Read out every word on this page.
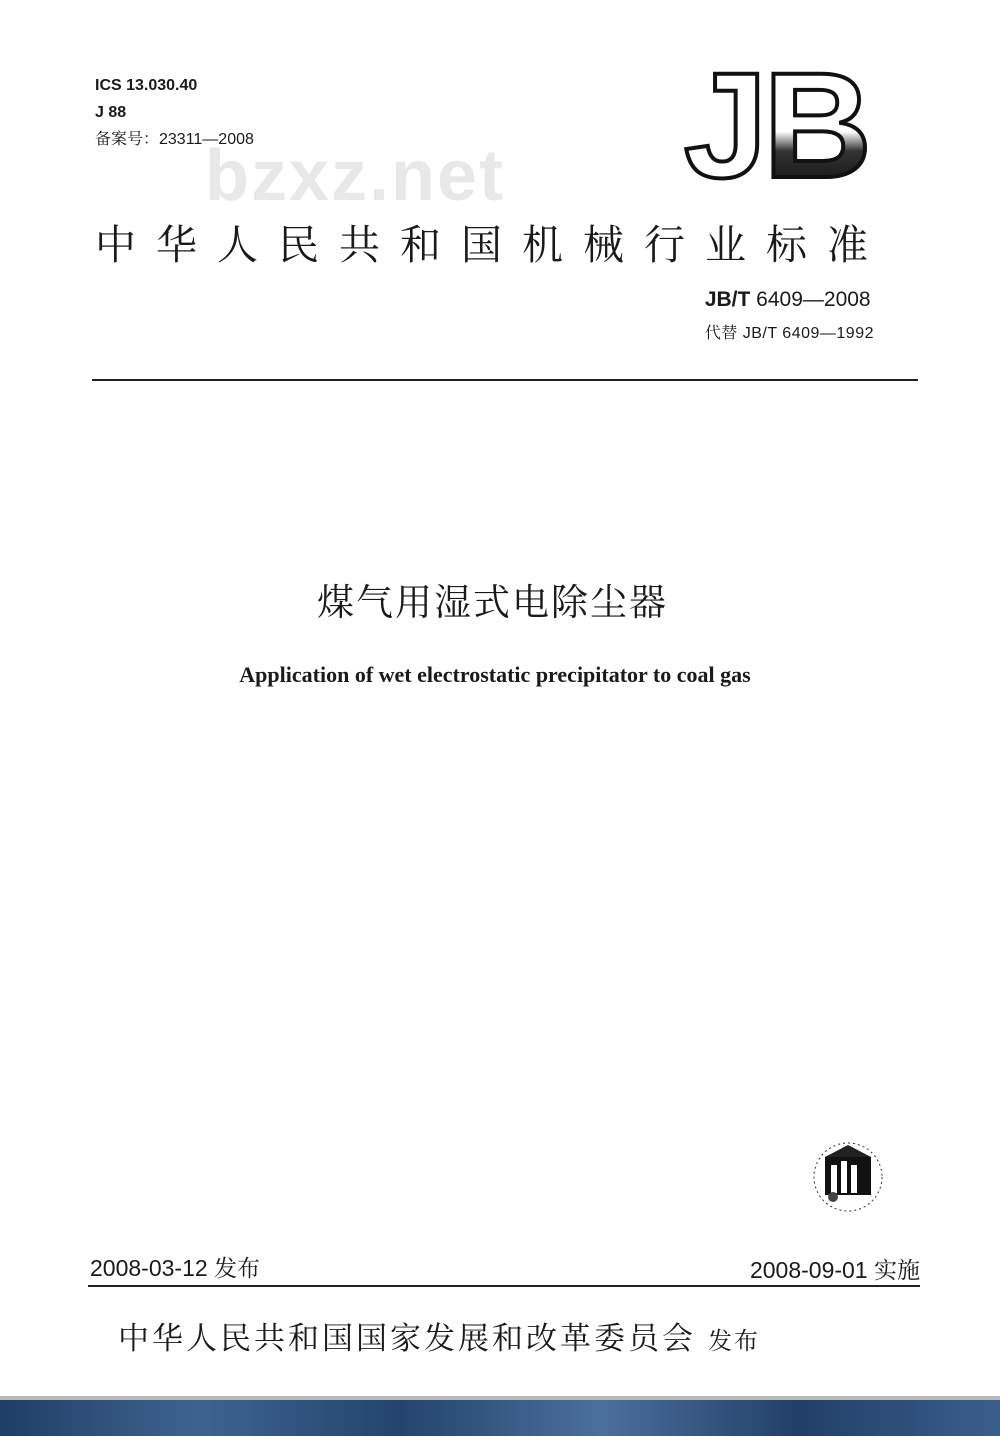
ICS 13.030.40
J 88
备案号：23311—2008
bzxz.net JB
中华人民共和国机械行业标准
JB/T 6409—2008
代替 JB/T 6409—1992
煤气用湿式电除尘器
Application of wet electrostatic precipitator to coal gas
2008-03-12 发布	2008-09-01 实施
中华人民共和国国家发展和改革委员会 发布
